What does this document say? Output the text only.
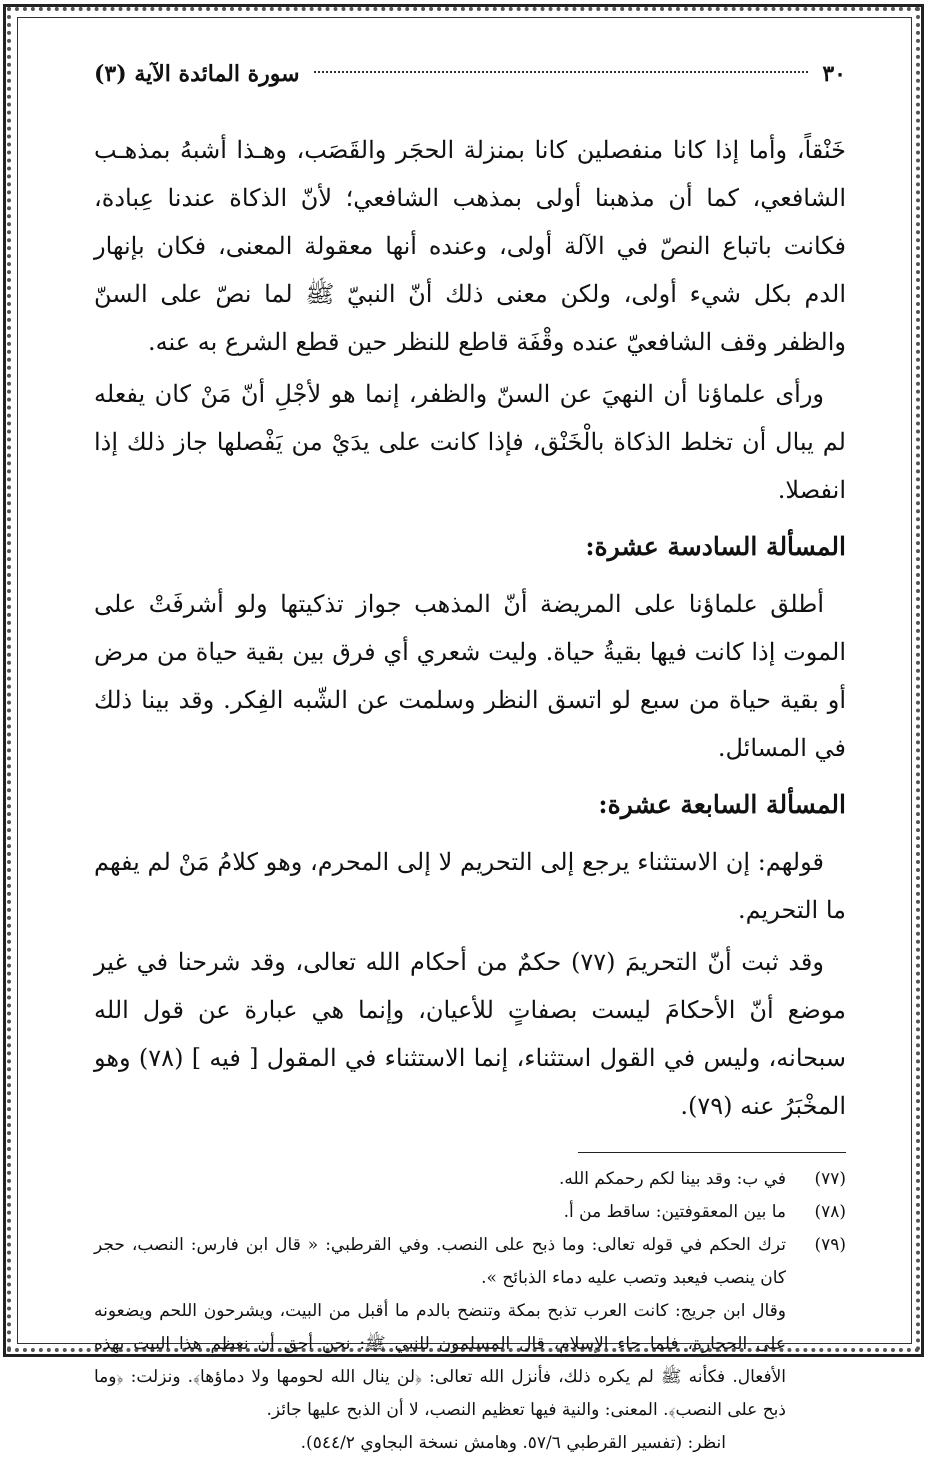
٣٠
سورة المائدة الآية (٣)

خَنْقاً، وأما إذا كانا منفصلين كانا بمنزلة الحجَر والقَصَب، وهـذا أشبهُ بمذهـب الشافعي، كما أن مذهبنا أولى بمذهب الشافعي؛ لأنّ الذكاة عندنا عِبادة، فكانت باتباع النصّ في الآلة أولى، وعنده أنها معقولة المعنى، فكان بإنهار الدم بكل شيء أولى، ولكن معنى ذلك أنّ النبيّ ﷺ لما نصّ على السنّ والظفر وقف الشافعيّ عنده وقْفَة قاطع للنظر حين قطع الشرع به عنه.

ورأى علماؤنا أن النهيَ عن السنّ والظفر، إنما هو لأجْلِ أنّ مَنْ كان يفعله لم يبال أن تخلط الذكاة بالْخَنْق، فإذا كانت على يدَيْ من يَفْصلها جاز ذلك إذا انفصلا.

المسألة السادسة عشرة:

أطلق علماؤنا على المريضة أنّ المذهب جواز تذكيتها ولو أشرفَتْ على الموت إذا كانت فيها بقيةُ حياة. وليت شعري أي فرق بين بقية حياة من مرض أو بقية حياة من سبع لو اتسق النظر وسلمت عن الشّبه الفِكر. وقد بينا ذلك في المسائل.

المسألة السابعة عشرة:

قولهم: إن الاستثناء يرجع إلى التحريم لا إلى المحرم، وهو كلامُ مَنْ لم يفهم ما التحريم.

وقد ثبت أنّ التحريمَ (٧٧) حكمٌ من أحكام الله تعالى، وقد شرحنا في غير موضع أنّ الأحكامَ ليست بصفاتٍ للأعيان، وإنما هي عبارة عن قول الله سبحانه، وليس في القول استثناء، إنما الاستثناء في المقول [ فيه ] (٧٨) وهو المخْبَرُ عنه (٧٩).

(٧٧)
في ب: وقد بينا لكم رحمكم الله.
(٧٨)
ما بين المعقوفتين: ساقط من أ.
(٧٩)
ترك الحكم في قوله تعالى: وما ذبح على النصب. وفي القرطبي: « قال ابن فارس: النصب، حجر كان ينصب فيعبد وتصب عليه دماء الذبائح ».
وقال ابن جريج: كانت العرب تذبح بمكة وتنضح بالدم ما أقبل من البيت، ويشرحون اللحم ويضعونه على الحجارة، فلما جاء الإسلام، قال المسلمون للنبي ﷺ: نحن أحق أن نعظم هذا البيت بهذه الأفعال. فكأنه ﷺ لم يكره ذلك، فأنزل الله تعالى: ﴿لن ينال الله لحومها ولا دماؤها﴾. ونزلت: ﴿وما ذبح على النصب﴾. المعنى: والنية فيها تعظيم النصب، لا أن الذبح عليها جائز.
انظر: (تفسير القرطبي ٥٧/٦. وهامش نسخة البجاوي ٥٤٤/٢).
